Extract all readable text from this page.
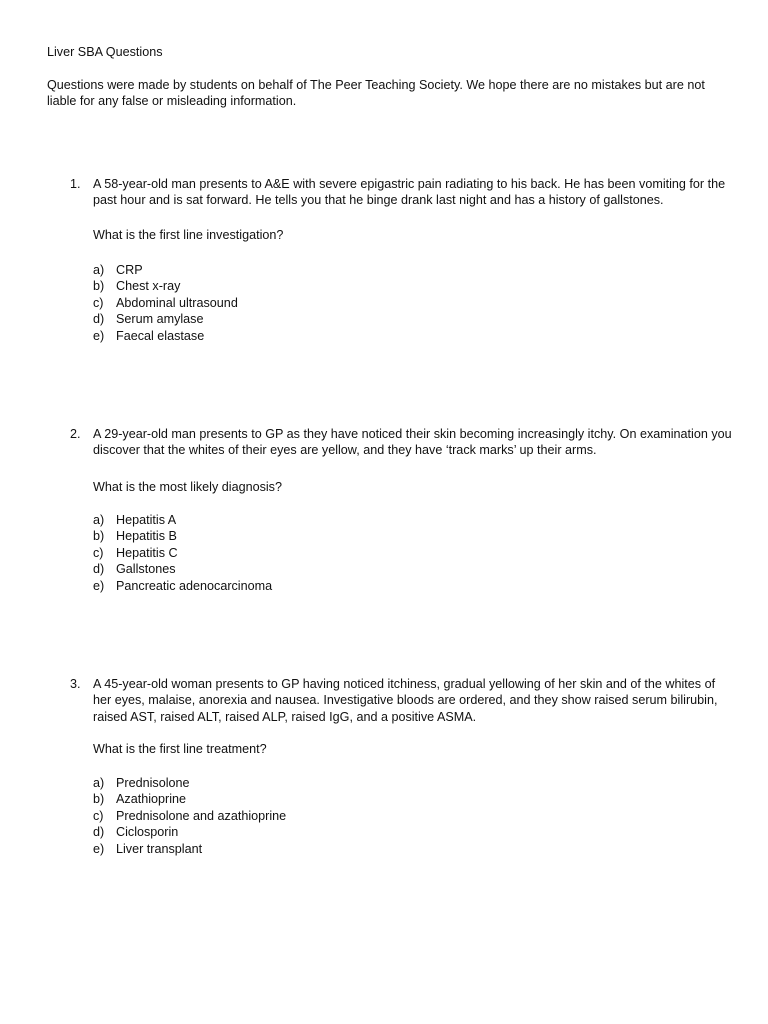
Liver SBA Questions
Questions were made by students on behalf of The Peer Teaching Society. We hope there are no mistakes but are not liable for any false or misleading information.
1. A 58-year-old man presents to A&E with severe epigastric pain radiating to his back. He has been vomiting for the past hour and is sat forward. He tells you that he binge drank last night and has a history of gallstones.

What is the first line investigation?
a) CRP
b) Chest x-ray
c) Abdominal ultrasound
d) Serum amylase
e) Faecal elastase
2. A 29-year-old man presents to GP as they have noticed their skin becoming increasingly itchy. On examination you discover that the whites of their eyes are yellow, and they have ‘track marks’ up their arms.

What is the most likely diagnosis?
a) Hepatitis A
b) Hepatitis B
c) Hepatitis C
d) Gallstones
e) Pancreatic adenocarcinoma
3. A 45-year-old woman presents to GP having noticed itchiness, gradual yellowing of her skin and of the whites of her eyes, malaise, anorexia and nausea. Investigative bloods are ordered, and they show raised serum bilirubin, raised AST, raised ALT, raised ALP, raised IgG, and a positive ASMA.

What is the first line treatment?
a) Prednisolone
b) Azathioprine
c) Prednisolone and azathioprine
d) Ciclosporin
e) Liver transplant
